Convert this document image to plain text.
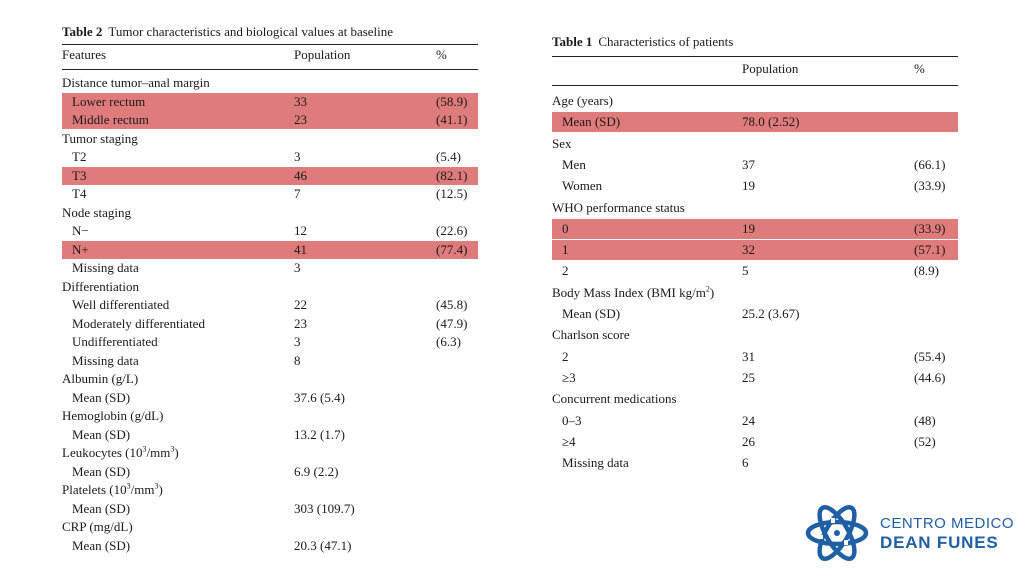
Table 2 Tumor characteristics and biological values at baseline
Features	Population	%
Distance tumor–anal margin
Lower rectum	33	(58.9)
Middle rectum	23	(41.1)
Tumor staging
T2	3	(5.4)
T3	46	(82.1)
T4	7	(12.5)
Node staging
N−	12	(22.6)
N+	41	(77.4)
Missing data	3
Differentiation
Well differentiated	22	(45.8)
Moderately differentiated	23	(47.9)
Undifferentiated	3	(6.3)
Missing data	8
Albumin (g/L)
Mean (SD)	37.6 (5.4)
Hemoglobin (g/dL)
Mean (SD)	13.2 (1.7)
Leukocytes $(10^3/mm^3)$
Mean (SD)	6.9 (2.2)
Platelets $(10^3/mm^3)$
Mean (SD)	303 (109.7)
CRP (mg/dL)
Mean (SD)	20.3 (47.1)
Table 1 Characteristics of patients
Population	%
Age (years)
Mean (SD)	78.0 (2.52)
Sex
Men	37	(66.1)
Women	19	(33.9)
WHO performance status
0	19	(33.9)
1	32	(57.1)
2	5	(8.9)
Body Mass Index (BMI $kg/m^2$)
Mean (SD)	25.2 (3.67)
Charlson score
2	31	(55.4)
≥3	25	(44.6)
Concurrent medications
0–3	24	(48)
≥4	26	(52)
Missing data	6
CENTRO MEDICO
DEAN FUNES
